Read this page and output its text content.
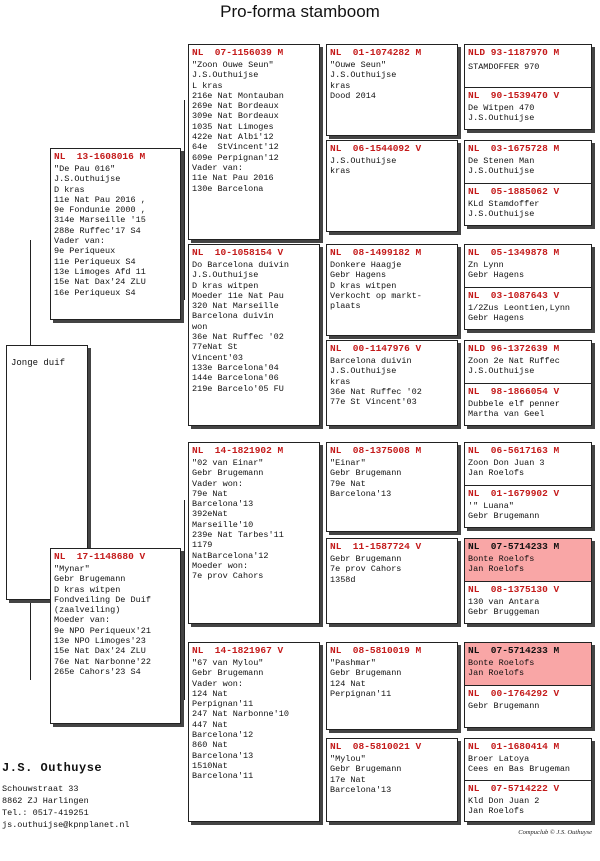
Pro-forma stamboom
Jonge duif
NL  13-1608016 M
"De Pau 016"
J.S.Outhuijse
D kras
11e Nat Pau 2016 ,
9e Fondunie 2000 ,
314e Marseille '15
288e Ruffec'17 S4
Vader van:
9e Periqueux
11e Periqueux S4
13e Limoges Afd 11
15e Nat Dax'24 ZLU
16e Periqueux S4
NL  17-1148680 V
"Mynar"
Gebr Brugemann
D kras witpen
Fondveiling De Duif
(zaalveiling)
Moeder van:
9e NPO Periqueux'21
13e NPO Limoges'23
15e Nat Dax'24 ZLU
76e Nat Narbonne'22
265e Cahors'23 S4
NL  07-1156039 M
"Zoon Ouwe Seun"
J.S.Outhuijse
L kras
216e Nat Montauban
269e Nat Bordeaux
309e Nat Bordeaux
1035 Nat Limoges
422e Nat Albi'12
64e  StVincent'12
609e Perpignan'12
Vader van:
11e Nat Pau 2016
130e Barcelona
NL  10-1058154 V
Do Barcelona duivin
J.S.Outhuijse
D kras witpen
Moeder 11e Nat Pau
320 Nat Marseille
Barcelona duivin
won
36e Nat Ruffec '02
77eNat St
Vincent'03
133e Barcelona'04
144e Barcelona'06
219e Barcelo'05 FU
NL  14-1821902 M
"02 van Einar"
Gebr Brugemann
Vader won:
79e Nat
Barcelona'13
392eNat
Marseille'10
239e Nat Tarbes'11
1179
NatBarcelona'12
Moeder won:
7e prov Cahors
NL  14-1821967 V
"67 van Mylou"
Gebr Brugemann
Vader won:
124 Nat
Perpignan'11
247 Nat Narbonne'10
447 Nat
Barcelona'12
860 Nat
Barcelona'13
1510Nat
Barcelona'11
NL  01-1074282 M
"Ouwe Seun"
J.S.Outhuijse
kras
Dood 2014
NL  06-1544092 V
J.S.Outhuijse
kras
NL  08-1499182 M
Donkere Haagje
Gebr Hagens
D kras witpen
Verkocht op markt-
plaats
NL  00-1147976 V
Barcelona duivin
J.S.Outhuijse
kras
36e Nat Ruffec '02
77e St Vincent'03
NL  08-1375008 M
"Einar"
Gebr Brugemann
79e Nat
Barcelona'13
NL  11-1587724 V
Gebr Brugemann
7e prov Cahors
1358d
NL  08-5810019 M
"Pashmar"
Gebr Brugemann
124 Nat
Perpignan'11
NL  08-5810021 V
"Mylou"
Gebr Brugemann
17e Nat
Barcelona'13
NLD 93-1187970 M
STAMDOFFER 970
NL  90-1539470 V
De Witpen 470
J.S.Outhuijse
NL  03-1675728 M
De Stenen Man
J.S.Outhuijse
NL  05-1885062 V
KLd Stamdoffer
J.S.Outhuijse
NL  05-1349878 M
Zn Lynn
Gebr Hagens
NL  03-1087643 V
1/2Zus Leontien,Lynn
Gebr Hagens
NLD 96-1372639 M
Zoon 2e Nat Ruffec
J.S.Outhuijse
NL  98-1866054 V
Dubbele elf penner
Martha van Geel
NL  06-5617163 M
Zoon Don Juan 3
Jan Roelofs
NL  01-1679902 V
'" Luana"
Gebr Brugemann
NL  07-5714233 M
Bonte Roelofs
Jan Roelofs
NL  08-1375130 V
130 van Antara
Gebr Bruggeman
NL  07-5714233 M
Bonte Roelofs
Jan Roelofs
NL  00-1764292 V
Gebr Brugemann
NL  01-1680414 M
Broer Latoya
Cees en Bas Brugeman
NL  07-5714222 V
Kld Don Juan 2
Jan Roelofs
J.S. Outhuyse
Schouwstraat 33
8862 ZJ Harlingen
Tel.: 0517-419251
js.outhuijse@kpnplanet.nl
Compuclub © J.S. Outhuyse
